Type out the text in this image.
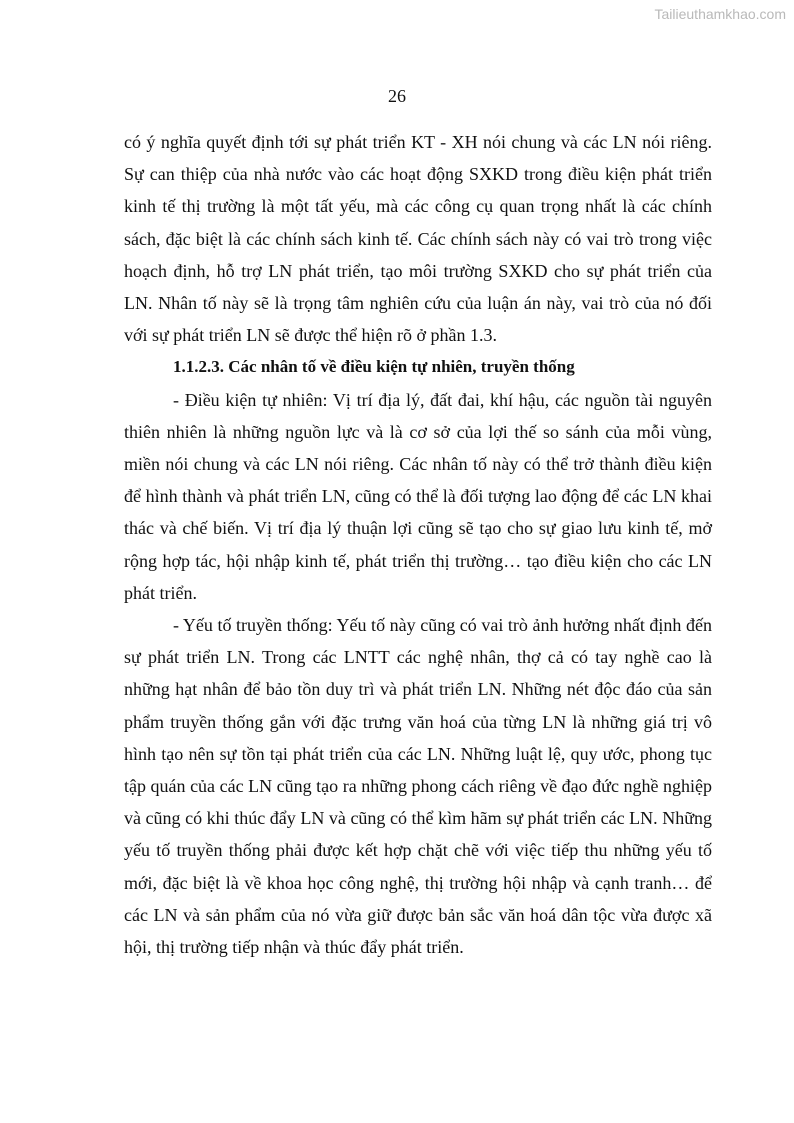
Tailieuthamkhao.com
26

có ý nghĩa quyết định tới sự phát triển KT - XH nói chung và các LN nói riêng. Sự can thiệp của nhà nước vào các hoạt động SXKD trong điều kiện phát triển kinh tế thị trường là một tất yếu, mà các công cụ quan trọng nhất là các chính sách, đặc biệt là các chính sách kinh tế. Các chính sách này có vai trò trong việc hoạch định, hỗ trợ LN phát triển, tạo môi trường SXKD cho sự phát triển của LN. Nhân tố này sẽ là trọng tâm nghiên cứu của luận án này, vai trò của nó đối với sự phát triển LN sẽ được thể hiện rõ ở phần 1.3.

1.1.2.3. Các nhân tố về điều kiện tự nhiên, truyền thống

- Điều kiện tự nhiên: Vị trí địa lý, đất đai, khí hậu, các nguồn tài nguyên thiên nhiên là những nguồn lực và là cơ sở của lợi thế so sánh của mỗi vùng, miền nói chung và các LN nói riêng. Các nhân tố này có thể trở thành điều kiện để hình thành và phát triển LN, cũng có thể là đối tượng lao động để các LN khai thác và chế biến. Vị trí địa lý thuận lợi cũng sẽ tạo cho sự giao lưu kinh tế, mở rộng hợp tác, hội nhập kinh tế, phát triển thị trường… tạo điều kiện cho các LN phát triển.

- Yếu tố truyền thống: Yếu tố này cũng có vai trò ảnh hưởng nhất định đến sự phát triển LN. Trong các LNTT các nghệ nhân, thợ cả có tay nghề cao là những hạt nhân để bảo tồn duy trì và phát triển LN. Những nét độc đáo của sản phẩm truyền thống gắn với đặc trưng văn hoá của từng LN là những giá trị vô hình tạo nên sự tồn tại phát triển của các LN. Những luật lệ, quy ước, phong tục tập quán của các LN cũng tạo ra những phong cách riêng về đạo đức nghề nghiệp và cũng có khi thúc đẩy LN và cũng có thể kìm hãm sự phát triển các LN. Những yếu tố truyền thống phải được kết hợp chặt chẽ với việc tiếp thu những yếu tố mới, đặc biệt là về khoa học công nghệ, thị trường hội nhập và cạnh tranh… để các LN và sản phẩm của nó vừa giữ được bản sắc văn hoá dân tộc vừa được xã hội, thị trường tiếp nhận và thúc đẩy phát triển.
